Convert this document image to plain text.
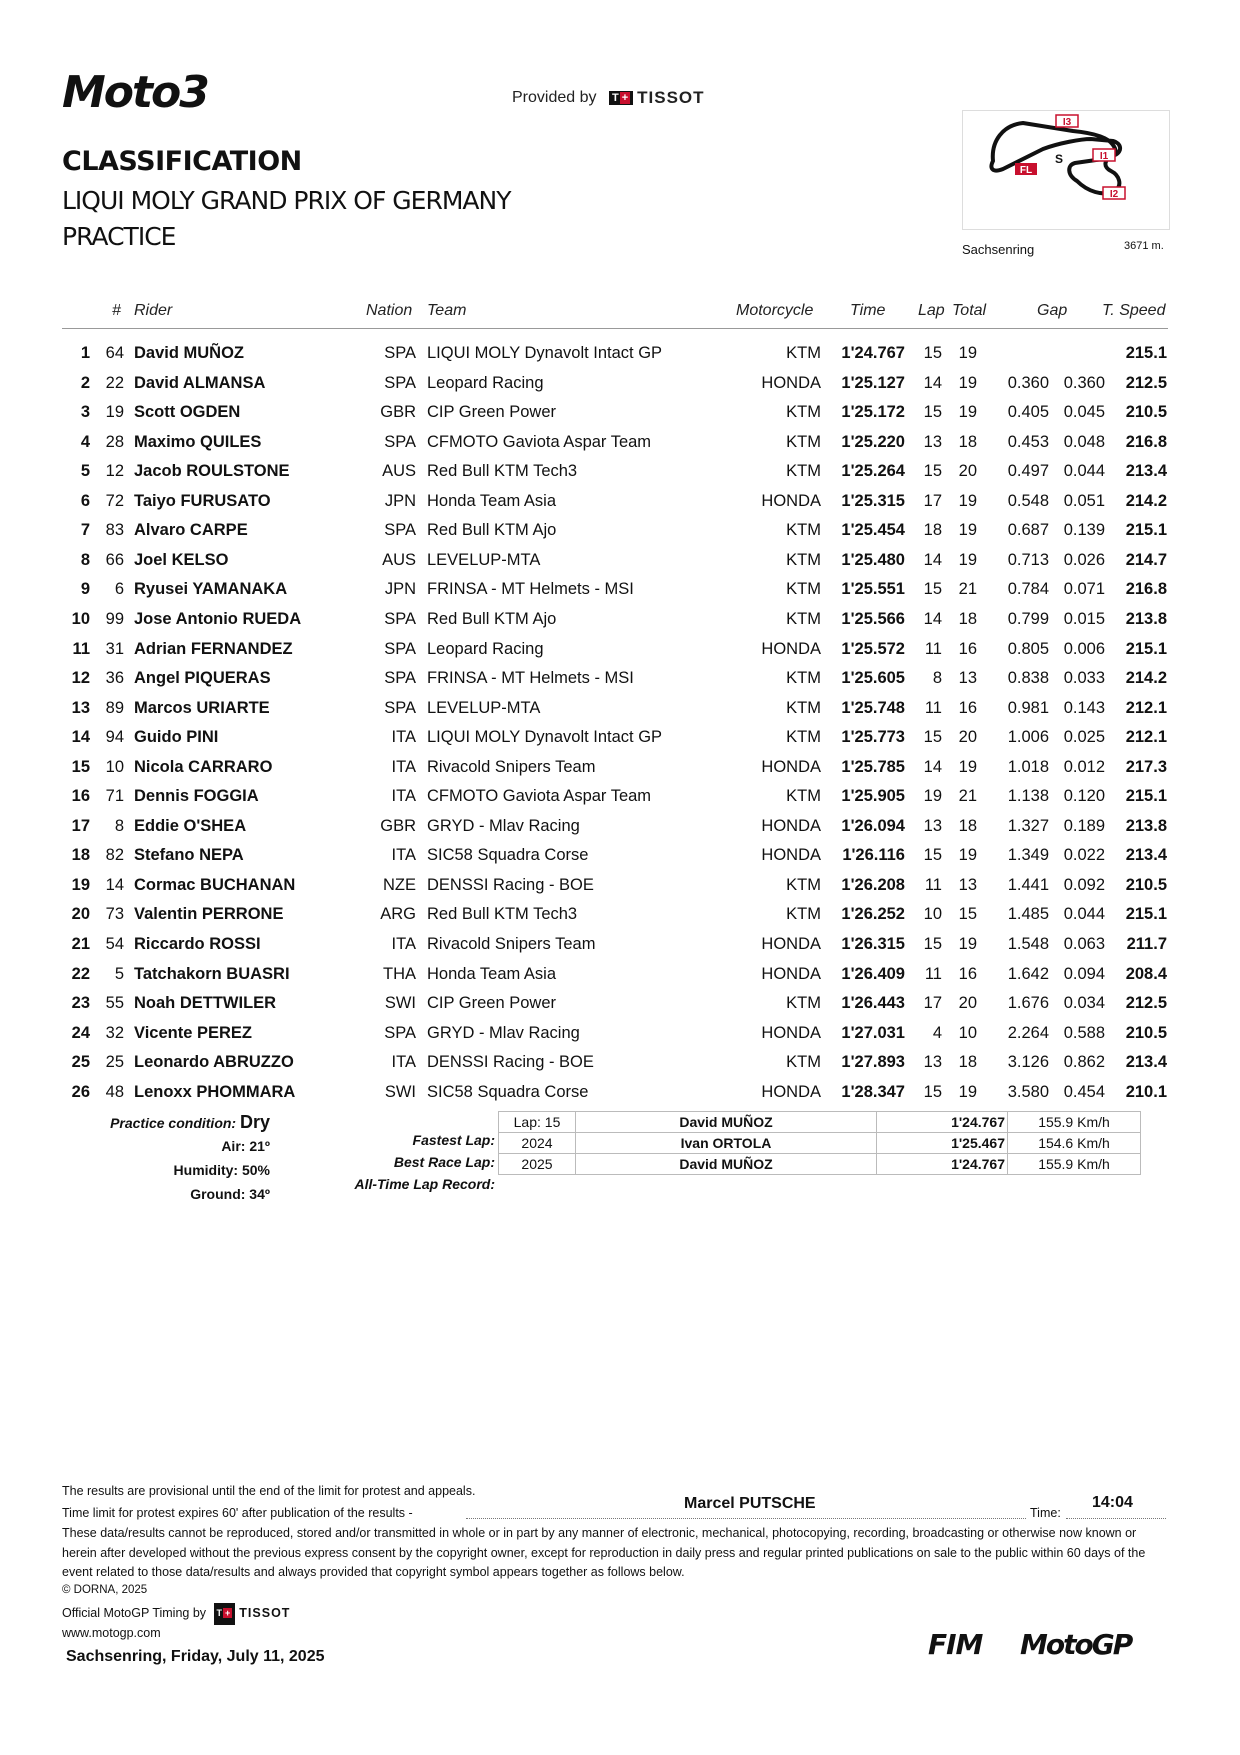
Moto3	Provided by T + TISSOT
CLASSIFICATION
LIQUI MOLY GRAND PRIX OF GERMANY
PRACTICE
I3
I1
I2
FL
S
Sachsenring	3671 m.
# Rider	Nation Team	Motorcycle Time Lap Total	Gap T. Speed
1 64 David MUÑOZ	SPA LIQUI MOLY Dynavolt Intact GP	KTM	1'24.767	15	19	215.1
2 22 David ALMANSA	SPA Leopard Racing	HONDA	1'25.127	14	19	0.360 0.360	212.5
3 19 Scott OGDEN	GBR CIP Green Power	KTM	1'25.172	15	19	0.405 0.045	210.5
4 28 Maximo QUILES	SPA CFMOTO Gaviota Aspar Team	KTM	1'25.220	13	18	0.453 0.048	216.8
5 12 Jacob ROULSTONE	AUS Red Bull KTM Tech3	KTM	1'25.264	15	20	0.497 0.044	213.4
6 72 Taiyo FURUSATO	JPN Honda Team Asia	HONDA	1'25.315	17	19	0.548 0.051	214.2
7 83 Alvaro CARPE	SPA Red Bull KTM Ajo	KTM	1'25.454	18	19	0.687 0.139	215.1
8 66 Joel KELSO	AUS LEVELUP-MTA	KTM	1'25.480	14	19	0.713 0.026	214.7
9	6 Ryusei YAMANAKA	JPN FRINSA - MT Helmets - MSI	KTM	1'25.551	15	21	0.784 0.071	216.8
10 99 Jose Antonio RUEDA	SPA Red Bull KTM Ajo	KTM	1'25.566	14	18	0.799 0.015	213.8
11 31 Adrian FERNANDEZ	SPA Leopard Racing	HONDA	1'25.572	11	16	0.805 0.006	215.1
12 36 Angel PIQUERAS	SPA FRINSA - MT Helmets - MSI	KTM	1'25.605	8	13	0.838 0.033	214.2
13 89 Marcos URIARTE	SPA LEVELUP-MTA	KTM	1'25.748	11	16	0.981 0.143	212.1
14 94 Guido PINI	ITA LIQUI MOLY Dynavolt Intact GP	KTM	1'25.773	15	20	1.006 0.025	212.1
15 10 Nicola CARRARO	ITA Rivacold Snipers Team	HONDA	1'25.785	14	19	1.018 0.012	217.3
16 71 Dennis FOGGIA	ITA CFMOTO Gaviota Aspar Team	KTM	1'25.905	19	21	1.138 0.120	215.1
17	8 Eddie O'SHEA	GBR GRYD - Mlav Racing	HONDA	1'26.094	13	18	1.327 0.189	213.8
18 82 Stefano NEPA	ITA SIC58 Squadra Corse	HONDA	1'26.116	15	19	1.349 0.022	213.4
19 14 Cormac BUCHANAN	NZE DENSSI Racing - BOE	KTM	1'26.208	11	13	1.441 0.092	210.5
20 73 Valentin PERRONE	ARG Red Bull KTM Tech3	KTM	1'26.252	10	15	1.485 0.044	215.1
21 54 Riccardo ROSSI	ITA Rivacold Snipers Team	HONDA	1'26.315	15	19	1.548 0.063	211.7
22	5 Tatchakorn BUASRI	THA Honda Team Asia	HONDA	1'26.409	11	16	1.642 0.094	208.4
23 55 Noah DETTWILER	SWI CIP Green Power	KTM	1'26.443	17	20	1.676 0.034	212.5
24 32 Vicente PEREZ	SPA GRYD - Mlav Racing	HONDA	1'27.031	4	10	2.264 0.588	210.5
25 25 Leonardo ABRUZZO	ITA DENSSI Racing - BOE	KTM	1'27.893	13	18	3.126 0.862	213.4
26 48 Lenoxx PHOMMARA	SWI SIC58 Squadra Corse	HONDA	1'28.347	15	19	3.580 0.454	210.1
Practice condition: Dry
Air: 21º
Humidity: 50%
Ground: 34º
Fastest Lap:
Best Race Lap:
All-Time Lap Record:
Lap: 15	David MUÑOZ	1'24.767	155.9 Km/h
2024	Ivan ORTOLA	1'25.467	154.6 Km/h
2025	David MUÑOZ	1'24.767	155.9 Km/h
The results are provisional until the end of the limit for protest and appeals.
Time limit for protest expires 60' after publication of the results -
Marcel PUTSCHE
Time:
14:04
These data/results cannot be reproduced, stored and/or transmitted in whole or in part by any manner of electronic, mechanical, photocopying, recording, broadcasting or otherwise now known or herein after developed without the previous express consent by the copyright owner, except for reproduction in daily press and regular printed publications on sale to the public within 60 days of the event related to those data/results and always provided that copyright symbol appears together as follows below.
© DORNA, 2025
Official MotoGP Timing by T + TISSOT
www.motogp.com
Sachsenring, Friday, July 11, 2025	FIM MotoGP
